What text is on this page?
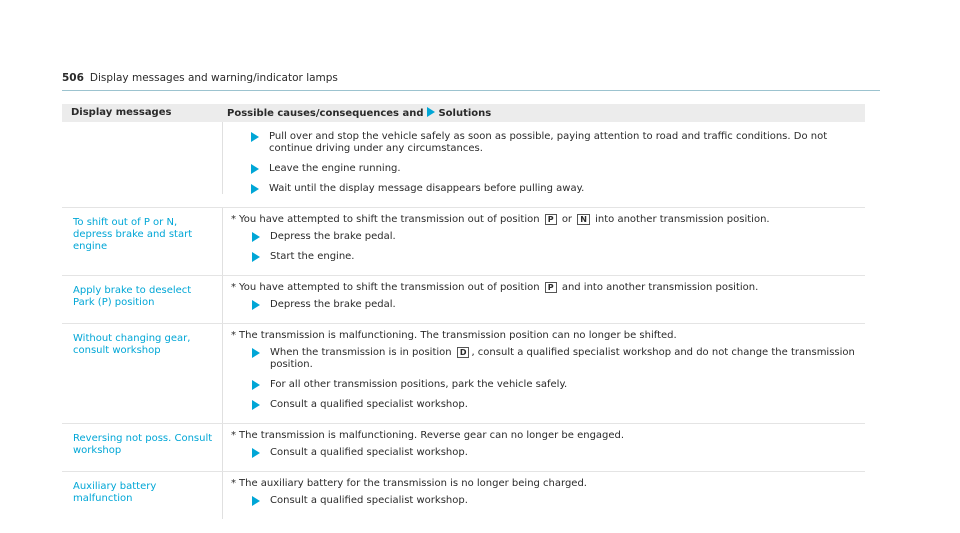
506 Display messages and warning/indicator lamps
Display messages	Possible causes/consequences and Solutions
Pull over and stop the vehicle safely as soon as possible, paying attention to road and traffic conditions. Do not continue driving under any circumstances.
Leave the engine running.
Wait until the display message disappears before pulling away.
To shift out of P or N, depress brake and start engine
* You have attempted to shift the transmission out of position P or N into another transmission position.
Depress the brake pedal.
Start the engine.
Apply brake to deselect Park (P) position
* You have attempted to shift the transmission out of position P and into another transmission position.
Depress the brake pedal.
Without changing gear, consult workshop
* The transmission is malfunctioning. The transmission position can no longer be shifted.
When the transmission is in position D , consult a qualified specialist workshop and do not change the transmission position.
For all other transmission positions, park the vehicle safely.
Consult a qualified specialist workshop.
Reversing not poss. Consult workshop
* The transmission is malfunctioning. Reverse gear can no longer be engaged.
Consult a qualified specialist workshop.
Auxiliary battery malfunction
* The auxiliary battery for the transmission is no longer being charged.
Consult a qualified specialist workshop.
